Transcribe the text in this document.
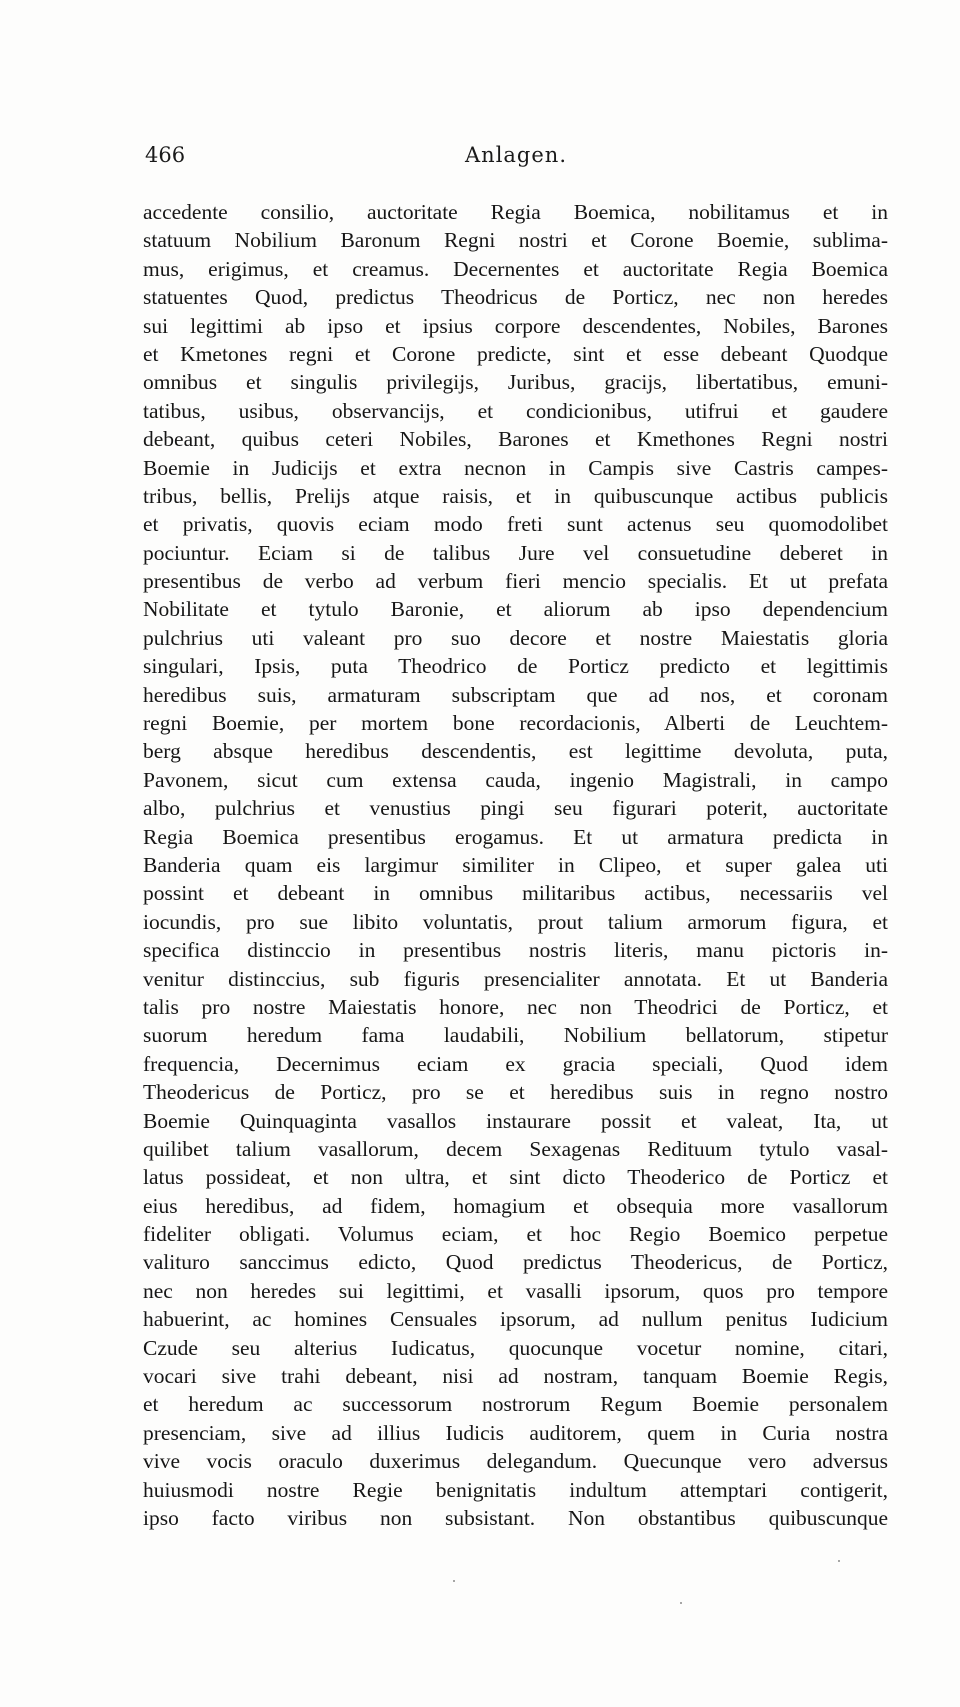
466	Anlagen.
accedente consilio, auctoritate Regia Boemica, nobilitamus et in
statuum Nobilium Baronum Regni nostri et Corone Boemie, sublima-
mus, erigimus, et creamus. Decernentes et auctoritate Regia Boemica
statuentes Quod, predictus Theodricus de Porticz, nec non heredes
sui legittimi ab ipso et ipsius corpore descendentes, Nobiles, Barones
et Kmetones regni et Corone predicte, sint et esse debeant Quodque
omnibus et singulis privilegijs, Juribus, gracijs, libertatibus, emuni-
tatibus, usibus, observancijs, et condicionibus, utifrui et gaudere
debeant, quibus ceteri Nobiles, Barones et Kmethones Regni nostri
Boemie in Judicijs et extra necnon in Campis sive Castris campes-
tribus, bellis, Prelijs atque raisis, et in quibuscunque actibus publicis
et privatis, quovis eciam modo freti sunt actenus seu quomodolibet
pociuntur. Eciam si de talibus Jure vel consuetudine deberet in
presentibus de verbo ad verbum fieri mencio specialis. Et ut prefata
Nobilitate et tytulo Baronie, et aliorum ab ipso dependencium
pulchrius uti valeant pro suo decore et nostre Maiestatis gloria
singulari, Ipsis, puta Theodrico de Porticz predicto et legittimis
heredibus suis, armaturam subscriptam que ad nos, et coronam
regni Boemie, per mortem bone recordacionis, Alberti de Leuchtem-
berg absque heredibus descendentis, est legittime devoluta, puta,
Pavonem, sicut cum extensa cauda, ingenio Magistrali, in campo
albo, pulchrius et venustius pingi seu figurari poterit, auctoritate
Regia Boemica presentibus erogamus. Et ut armatura predicta in
Banderia quam eis largimur similiter in Clipeo, et super galea uti
possint et debeant in omnibus militaribus actibus, necessariis vel
iocundis, pro sue libito voluntatis, prout talium armorum figura, et
specifica distinccio in presentibus nostris literis, manu pictoris in-
venitur distinccius, sub figuris presencialiter annotata. Et ut Banderia
talis pro nostre Maiestatis honore, nec non Theodrici de Porticz, et
suorum heredum fama laudabili, Nobilium bellatorum, stipetur
frequencia, Decernimus eciam ex gracia speciali, Quod idem
Theodericus de Porticz, pro se et heredibus suis in regno nostro
Boemie Quinquaginta vasallos instaurare possit et valeat, Ita, ut
quilibet talium vasallorum, decem Sexagenas Redituum tytulo vasal-
latus possideat, et non ultra, et sint dicto Theoderico de Porticz et
eius heredibus, ad fidem, homagium et obsequia more vasallorum
fideliter obligati. Volumus eciam, et hoc Regio Boemico perpetue
valituro sanccimus edicto, Quod predictus Theodericus, de Porticz,
nec non heredes sui legittimi, et vasalli ipsorum, quos pro tempore
habuerint, ac homines Censuales ipsorum, ad nullum penitus Iudicium
Czude seu alterius Iudicatus, quocunque vocetur nomine, citari,
vocari sive trahi debeant, nisi ad nostram, tanquam Boemie Regis,
et heredum ac successorum nostrorum Regum Boemie personalem
presenciam, sive ad illius Iudicis auditorem, quem in Curia nostra
vive vocis oraculo duxerimus delegandum. Quecunque vero adversus
huiusmodi nostre Regie benignitatis indultum attemptari contigerit,
ipso facto viribus non subsistant. Non obstantibus quibuscunque
